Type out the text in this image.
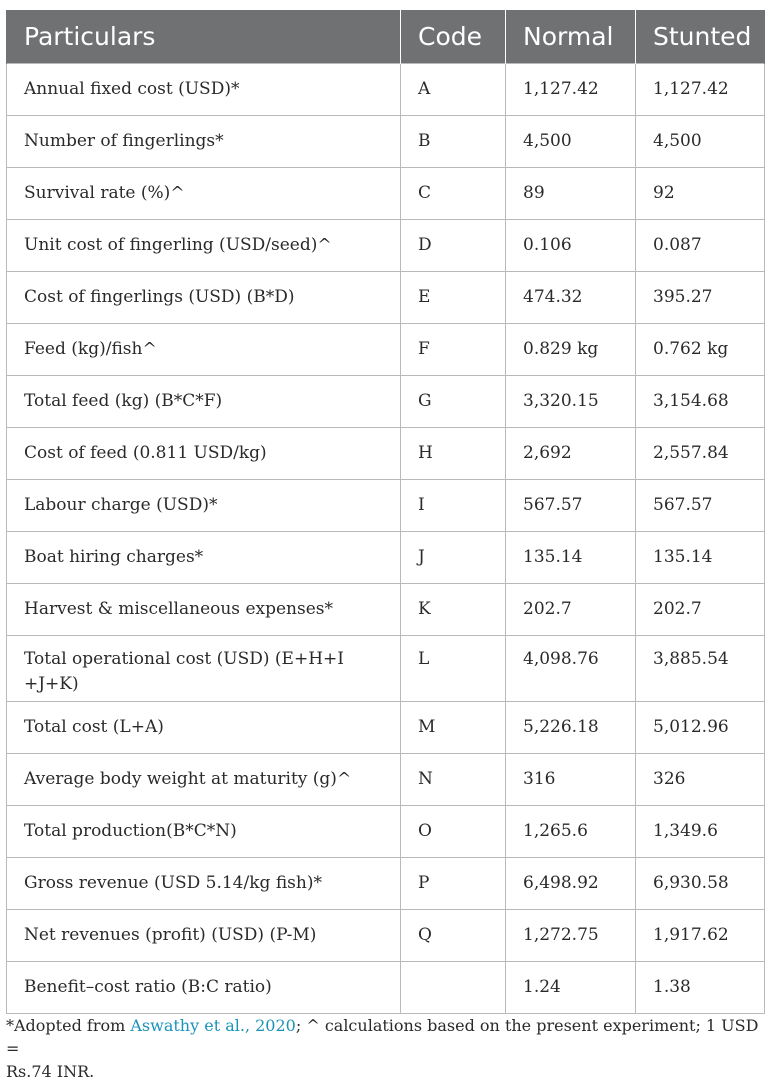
Particulars	Code	Normal	Stunted
Annual fixed cost (USD)*	A	1,127.42	1,127.42
Number of fingerlings*	B	4,500	4,500
Survival rate (%)^	C	89	92
Unit cost of fingerling (USD/seed)^	D	0.106	0.087
Cost of fingerlings (USD) (B*D)	E	474.32	395.27
Feed (kg)/fish^	F	0.829 kg	0.762 kg
Total feed (kg) (B*C*F)	G	3,320.15	3,154.68
Cost of feed (0.811 USD/kg)	H	2,692	2,557.84
Labour charge (USD)*	I	567.57	567.57
Boat hiring charges*	J	135.14	135.14
Harvest & miscellaneous expenses*	K	202.7	202.7
Total operational cost (USD) (E+H+I
+J+K)	L	4,098.76	3,885.54
Total cost (L+A)	M	5,226.18	5,012.96
Average body weight at maturity (g)^	N	316	326
Total production(B*C*N)	O	1,265.6	1,349.6
Gross revenue (USD 5.14/kg fish)*	P	6,498.92	6,930.58
Net revenues (profit) (USD) (P-M)	Q	1,272.75	1,917.62
Benefit–cost ratio (B:C ratio)		1.24	1.38
*Adopted from Aswathy et al., 2020; ^ calculations based on the present experiment; 1 USD =
Rs.74 INR.
